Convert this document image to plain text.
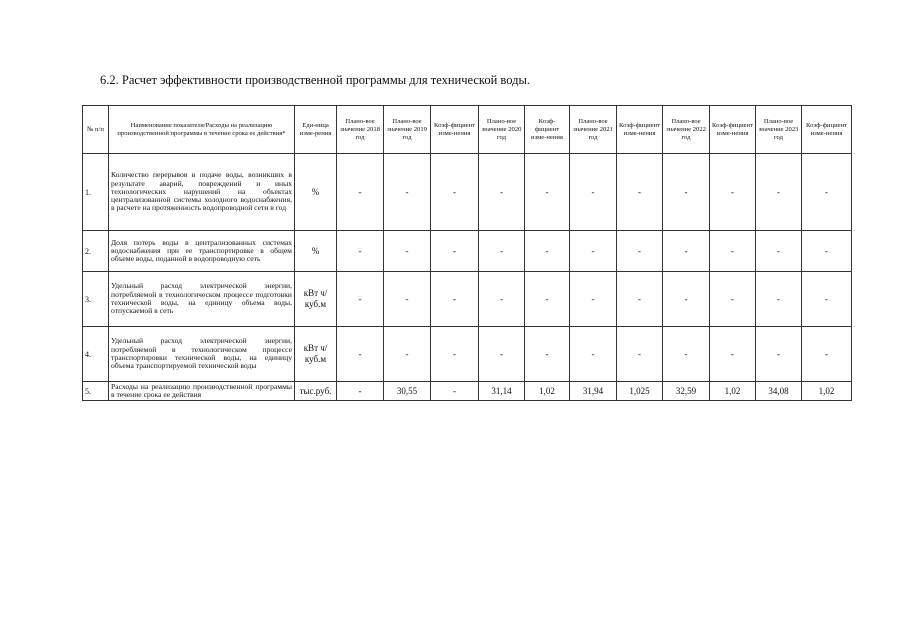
6.2. Расчет эффективности производственной программы для технической воды.
№ п/п	Наименование показателя/Расходы на реализацию производственной программы в течение срока ее действия*	Еди-ница изме-рения	Плано-вое значение 2018 год	Плано-вое значение 2019 год	Коэф-фициент изме-нения	Плано-вое значение 2020 год	Коэф-фициент изме-нения	Плано-вое значение 2021 год	Коэф-фициент изме-нения	Плано-вое значение 2022 год	Коэф-фициент изме-нения	Плано-вое значение 2023 год	Коэф-фициент изме-нения
1.	Количество перерывов в подаче воды, возникших в результате аварий, повреждений и иных технологических нарушений на объектах централизованной системы холодного водоснабжения, в расчете на протяженность водопроводной сети в год	%	-	-	-	-	-	-	-	-	-	-	-
2.	Доля потерь воды в централизованных системах водоснабжения при ее транспортировке в общем объеме воды, поданной в водопроводную сеть	%	-	-	-	-	-	-	-	-	-	-	-
3.	Удельный расход электрической энергии, потребляемой в технологическом процессе подготовки технической воды, на единицу объема воды, отпускаемой в сеть	кВт ч/куб.м	-	-	-	-	-	-	-	-	-	-	-
4.	Удельный расход электрической энергии, потребляемой в технологическом процессе транспортировки технической воды, на единицу объема транспортируемой технической воды	кВт ч/куб.м	-	-	-	-	-	-	-	-	-	-	-
5.	Расходы на реализацию производственной программы в течение срока ее действия	тыс.руб.	-	30,55	-	31,14	1,02	31,94	1,025	32,59	1,02	34,08	1,02
